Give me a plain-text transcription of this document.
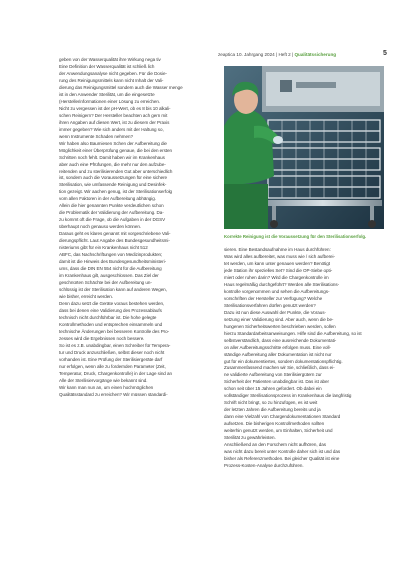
zeaptica 10. Jahrgang 2024 | Heft 2 | Qualitätssicherung	5
Korrekte Reinigung ist die Voraussetzung für den Sterilisationserfolg.
geben von der Wasserqualität ihre Wirkung nega tiv
Eine Definition der Wasserqualität ist schließ lich
der Anwendungsanalyse nicht gegeben. Für die Dosie-
rung des Reinigungsmittels kann nicht Inhalt der Vali-
dierung das Reinigungsmittel sondern auch die Wasser menge
ist in den Anwender Sterilität, um die eingesetzte
(Herstellerinformationen einer Lösung zu erreichen.
Nicht zu vergessen ist der pH-Wert, ob es 8 bis 10 alkali-
schen Reinigern? Der Hersteller beachten ach gern mit
ihren Angaben auf diesen Wert, ist zu diesem der Praxis
immer gegeben? Wie sich anders mit der Haltung so,
wenn Instrumente Schaden nehmen?
Wir haben also Baumiesen Schen der Aufbereitung die
Möglichkeit einer Überprüfung genaue, die bei den ersten
Schritten noch fehlt. Damit haben wir im Krankenhaus
aber auch eine Pfrüfungen, die mehr nur den aufzube-
reitenden und zu sterilisierenden Gut aber unterschiedlich
ist, sondern auch die Voraussetzungen für eine sichere
Sterilisation, wie umfassende Reinigung und Desinfek-
tion gezeigt. Wir aachen genug, ist der Sterilisationserfolg
vom allen Faktoren in der Aufbereitung abhängig.
Allein die hier genannten Punkte verdeutlichen schon
die Problematik der Validierung der Aufbereitung. Da-
zu kommt oft die Frage, ob die Aufgaben in der DGSV
überhaupt noch genauso werden können.
Daraus geht es klares genannt mit vorgeschriebene Vali-
dierungspflicht. Laut Angabe des Bundesgesundheitsmi-
nisteriums gibt für ein Krankenhaus nicht 512
ABFC, das Nachschriftungen von Medizinprodukten;
damit ist die Hinweis des Bundesgesundheitsministeri-
ums, dass die DIN EN 554 nicht für die Aufbereitung
im Krankenhaus gilt, ausgeschlossen. Das Ziel der
geschnürten Schächte bei der Aufbereitung un-
schlüssig ist der Sterilisation kann auf anderen Wegen,
wie bisher, erreicht werden.
Denn dazu setzt die Geräte voraus bestehen werden,
dass bei denen eine Validierung des Prozessablaufs
technisch nicht durchführbar ist. Die hohe gelegte
Kontrollmethoden und entsprechen einsammeln und
technische Änderungen bei besseren Kontrolle des Pro-
zesses wird die Ergebnissen noch bessere.
So ist es z.B. unabdingbar, einen Schreiber für Tempera-
tur und Druck anzuschließen, selbst dieser noch nicht
vorhanden ist. Eine Prüfung der Sterilisiergeräte darf
nur erfolgen, wenn alle zu fordernden Parameter (Zeit,
Temperatur, Druck, Chargenkontrolle) in der Lage sind an
Alle der Sterilisiervorgänge wie bekannt sind.
Wir kann man nun an, um einen hochmöglichen
Qualitätsstandard zu erreichen? Wir müssen standardi-
sieren. Eine Bestandsaufnahme im Haus durchführen:
Was wird alles aufbereitet, was muss wie / sich aufberei-
tet werden, um kann unter genauen werden? Benötigt
jede Station ihr spezielles Set? Sind die OP-Siebe opti-
miert oder ruhen darin? Wird die Chargenkontrolle im
Haus regelmäßig durchgeführt? Werden alle Sterilisations-
kontrolle vorgenommen und sehen die Aufbereitungs-
vorschriften der Hersteller zur Verfügung? Welche
Sterilisationsverfahren dürfen genutzt werden?
Dazu ist nun diese Auswahl der Punkte, die Voraus-
setzung einer Validierung sind. Aber auch, wenn die be-
hungenen Sicherheitswerten beschrieben werden, sollen
hierzu Standardarbeitsanweisungen. Hilfe sind die Aufbereitung, so ist
selbstverständlich, dass eine ausreichende Dokumentati-
on aller Aufbereitungsschritte erfolgen muss. Eine voll-
ständige Aufbereitung aller Dokumentation ist nicht nur
gut für ein dokumentiertes, sondern dokumentationspflichtig.
Zusammenfassend machen wir Sie, schließlich, dass ei-
ne validierte Aufbereitung von Sterilisiergütern zur
Sicherheit der Patienten unabdingbar ist. Das ist aber
schon seit über 15 Jahren gefordert. Ob dabei ein
vollständiger Sterilisationsprozess im Krankenhaus die langfristig
Schrift nicht bringt, so zu hinzufügen, es ist weit
der letzten Jahren die Aufbereitung bereits und ja
dann eine Vielzahl von Chargendokumentationen Standard
aufsetzen. Die bisherigen Kontrollmethoden sollten
weiterhin genutzt werden, um Einhalten, Sicherheit und
Sterilität zu gewährleisten.
Anschließend an den Forschern nicht aufhören, das
was nicht dazu bereit unter Kontrolle daher sich ist und das
bisher als Referenzmethoden. Bei gleicher Qualität ist eine
Prozess-Kosten-Analyse durchzuführen.
